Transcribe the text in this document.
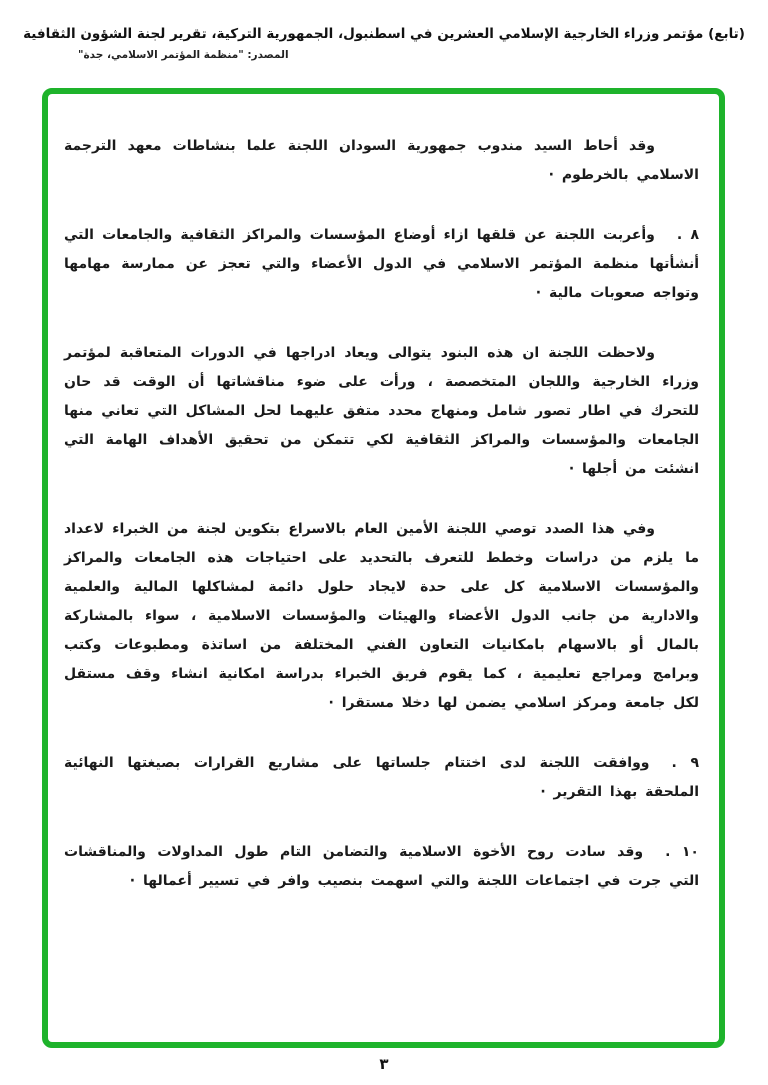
(تابع) مؤتمر وزراء الخارجية الإسلامي العشرين في اسطنبول، الجمهورية التركية، تقرير لجنة الشؤون الثقافية
المصدر: "منظمة المؤتمر الاسلامي، جدة"

وقد أحاط السيد مندوب جمهورية السودان اللجنة علما بنشاطات معهد الترجمة الاسلامي بالخرطوم ·

٨ .وأعربت اللجنة عن قلقها ازاء أوضاع المؤسسات والمراكز الثقافية والجامعات التي أنشأتها منظمة المؤتمر الاسلامي في الدول الأعضاء والتي تعجز عن ممارسة مهامها وتواجه صعوبات مالية ·

ولاحظت اللجنة ان هذه البنود يتوالى ويعاد ادراجها في الدورات المتعاقبة لمؤتمر وزراء الخارجية واللجان المتخصصة ، ورأت على ضوء مناقشاتها أن الوقت قد حان للتحرك في اطار تصور شامل ومنهاج محدد متفق عليهما لحل المشاكل التي تعاني منها الجامعات والمؤسسات والمراكز الثقافية لكي تتمكن من تحقيق الأهداف الهامة التي انشئت من أجلها ·

وفي هذا الصدد توصي اللجنة الأمين العام بالاسراع بتكوين لجنة من الخبراء لاعداد ما يلزم من دراسات وخطط للتعرف بالتحديد على احتياجات هذه الجامعات والمراكز والمؤسسات الاسلامية كل على حدة لايجاد حلول دائمة لمشاكلها المالية والعلمية والادارية من جانب الدول الأعضاء والهيئات والمؤسسات الاسلامية ، سواء بالمشاركة بالمال أو بالاسهام بامكانيات التعاون الفني المختلفة من اساتذة ومطبوعات وكتب وبرامج ومراجع تعليمية ، كما يقوم فريق الخبراء بدراسة امكانية انشاء وقف مستقل لكل جامعة ومركز اسلامي يضمن لها دخلا مستقرا ·

٩ .ووافقت اللجنة لدى اختتام جلساتها على مشاريع القرارات بصيغتها النهائية الملحقة بهذا التقرير ·

١٠ .وقد سادت روح الأخوة الاسلامية والتضامن التام طول المداولات والمناقشات التي جرت في اجتماعات اللجنة والتي اسهمت بنصيب وافر في تسيير أعمالها ·

٣
